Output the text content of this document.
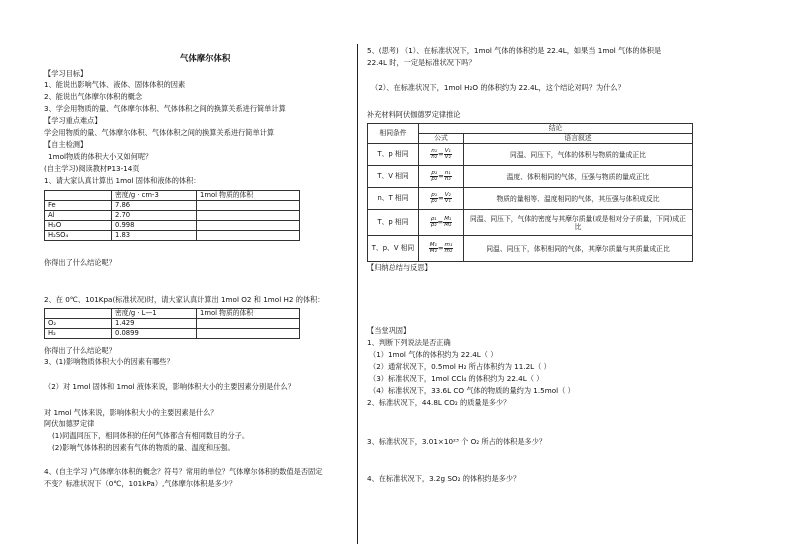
气体摩尔体积
【学习目标】
1、能说出影响气体、液体、固体体积的因素
2、能说出气体摩尔体积的概念
3、学会用物质的量、气体摩尔体积、气体体积之间的换算关系进行简单计算
【学习重点难点】
学会用物质的量、气体摩尔体积、气体体积之间的换算关系进行简单计算
【自主检测】
1mol物质的体积大小又如何呢？
(自主学习)阅读教材P13-14页
1、请大家认真计算出 1mol 固体和液体的体积：
	密度/g · cm-3	1mol 物质的体积
Fe	7.86	
Al	2.70	
H₂O	0.998	
H₂SO₄	1.83	
你得出了什么结论呢？
2、在 0℃、101Kpa(标准状况)时，请大家认真计算出 1mol O2 和 1mol H2 的体积：
	密度/g · L—1	1mol 物质的体积
O₂	1.429	
H₂	0.0899	
你得出了什么结论呢？
3、(1)影响物质体积大小的因素有哪些？
（2）对 1mol 固体和 1mol 液体来说，影响体积大小的主要因素分别是什么？
对 1mol 气体来说，影响体积大小的主要因素是什么？
阿伏加德罗定律
(1)同温同压下，相同体积的任何气体都含有相同数目的分子。
(2)影响气体体积的因素有气体的物质的量、温度和压强。
4、(自主学习 )气体摩尔体积的概念？符号？常用的单位？气体摩尔体积的数值是否固定
不变？标准状况下（0℃，101kPa）,气体摩尔体积是多少？
5、(思考) （1）、在标准状况下，1mol 气体的体积约是 22.4L，如果当 1mol 气体的体积是
22.4L 时，一定是标准状况下吗？
（2）、在标准状况下，1mol H₂O 的体积约为 22.4L，这个结论对吗？为什么？
补充材料阿伏伽德罗定律推论
相同条件	结论	
	公式	语言叙述
T、p 相同	$\frac{\text{n₁}}{\text{n₂}} = \frac{\text{V₁}}{\text{V₂}}$	同温、同压下，气体的体积与物质的量成正比
T、V 相同	$\frac{\text{p₁}}{\text{p₂}} = \frac{\text{n₁}}{\text{n₂}}$	温度、体积相同的气体，压强与物质的量成正比
n、T 相同	$\frac{\text{p₁}}{\text{p₂}} = \frac{\text{V₂}}{\text{V₁}}$	物质的量相等、温度相同的气体，其压强与体积成反比
T、p 相同	$\frac{\text{ρ₁}}{\text{ρ₂}} = \frac{\text{M₁}}{\text{M₂}}$	同温、同压下，气体的密度与其摩尔质量(或是相对分子质量，下同)成正比
T、p、V 相同	$\frac{\text{M₁}}{\text{M₂}} = \frac{\text{m₁}}{\text{m₂}}$	同温、同压下，体积相同的气体，其摩尔质量与其质量成正比
【归纳总结与反思】
【当堂巩固】
1、判断下列说法是否正确
（1）1mol 气体的体积约为 22.4L（ ）
（2）通常状况下，0.5mol H₂ 所占体积约为 11.2L（ ）
（3）标准状况下，1mol CCl₄ 的体积约为 22.4L（ ）
（4）标准状况下，33.6L CO 气体的物质的量约为 1.5mol（ ）
2、标准状况下，44.8L CO₂ 的质量是多少？
3、标准状况下，3.01×10²³ 个 O₂ 所占的体积是多少？
4、在标准状况下，3.2g SO₂ 的体积约是多少？
